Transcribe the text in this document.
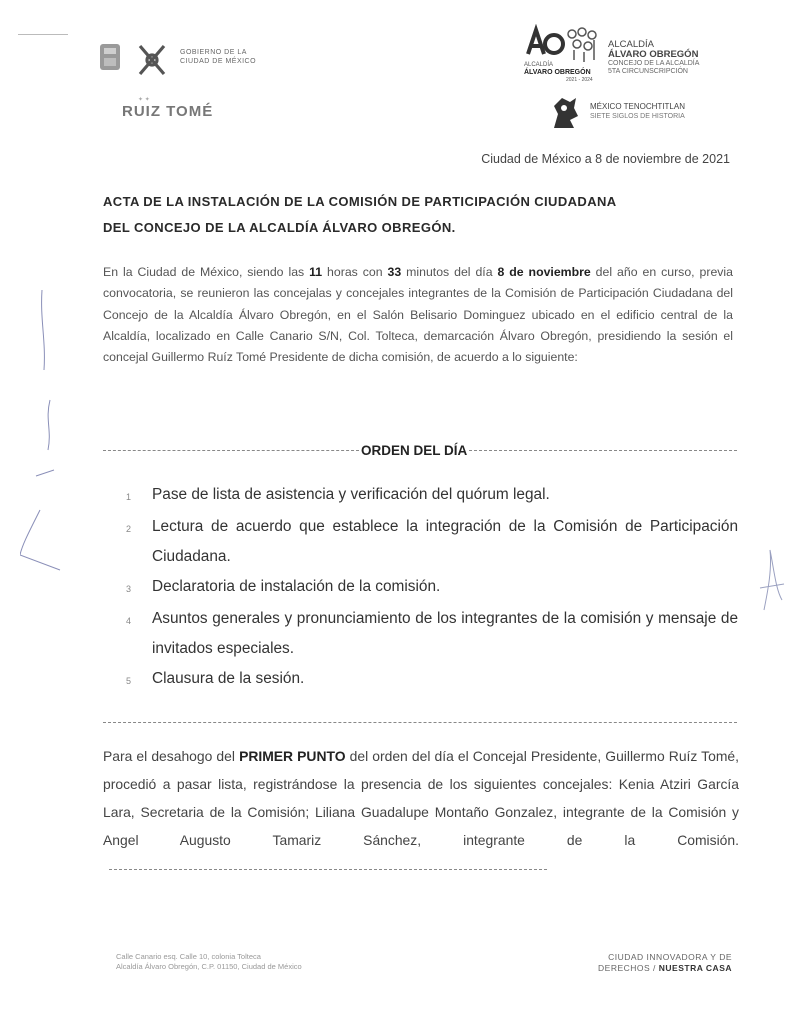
GOBIERNO DE LA
CIUDAD DE MÉXICO
✦ ✦
RUIZ TOMÉ
ALCALDÍA
ÁLVARO OBREGÓN
2021 - 2024
ALCALDÍA
ÁLVARO OBREGÓN
CONCEJO DE LA ALCALDÍA
5TA CIRCUNSCRIPCIÓN
MÉXICO TENOCHTITLAN
SIETE SIGLOS DE HISTORIA
Ciudad de México a 8 de noviembre de 2021
ACTA DE LA INSTALACIÓN DE LA COMISIÓN DE PARTICIPACIÓN CIUDADANA
DEL CONCEJO DE LA ALCALDÍA ÁLVARO OBREGÓN.
En la Ciudad de México, siendo las 11 horas con 33 minutos del día 8 de noviembre del año en curso, previa convocatoria, se reunieron las concejalas y concejales integrantes de la Comisión de Participación Ciudadana del Concejo de la Alcaldía Álvaro Obregón, en el Salón Belisario Dominguez ubicado en el edificio central de la Alcaldía, localizado en Calle Canario S/N, Col. Tolteca, demarcación Álvaro Obregón, presidiendo la sesión el concejal Guillermo Ruíz Tomé Presidente de dicha comisión, de acuerdo a lo siguiente:
ORDEN DEL DÍA
1	Pase de lista de asistencia y verificación del quórum legal.
2	Lectura de acuerdo que establece la integración de la Comisión de Participación Ciudadana.
3	Declaratoria de instalación de la comisión.
4	Asuntos generales y pronunciamiento de los integrantes de la comisión y mensaje de invitados especiales.
5	Clausura de la sesión.
Para el desahogo del PRIMER PUNTO del orden del día el Concejal Presidente, Guillermo Ruíz Tomé, procedió a pasar lista, registrándose la presencia de los siguientes concejales: Kenia Atziri García Lara, Secretaria de la Comisión; Liliana Guadalupe Montaño Gonzalez, integrante de la Comisión y Angel Augusto Tamariz Sánchez, integrante de la Comisión.
Calle Canario esq. Calle 10, colonia Tolteca
Alcaldía Álvaro Obregón, C.P. 01150, Ciudad de México
CIUDAD INNOVADORA Y DE
DERECHOS / NUESTRA CASA
